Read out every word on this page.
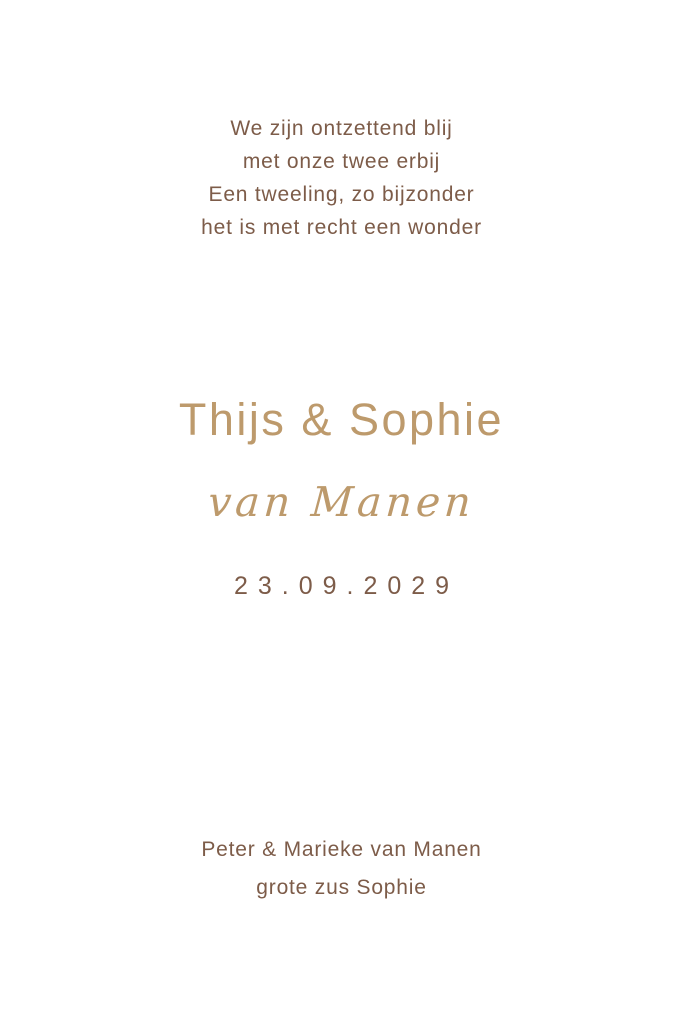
We zijn ontzettend blij
met onze twee erbij
Een tweeling, zo bijzonder
het is met recht een wonder
Thijs & Sophie
van Manen
23.09.2029
Peter & Marieke van Manen
grote zus Sophie
